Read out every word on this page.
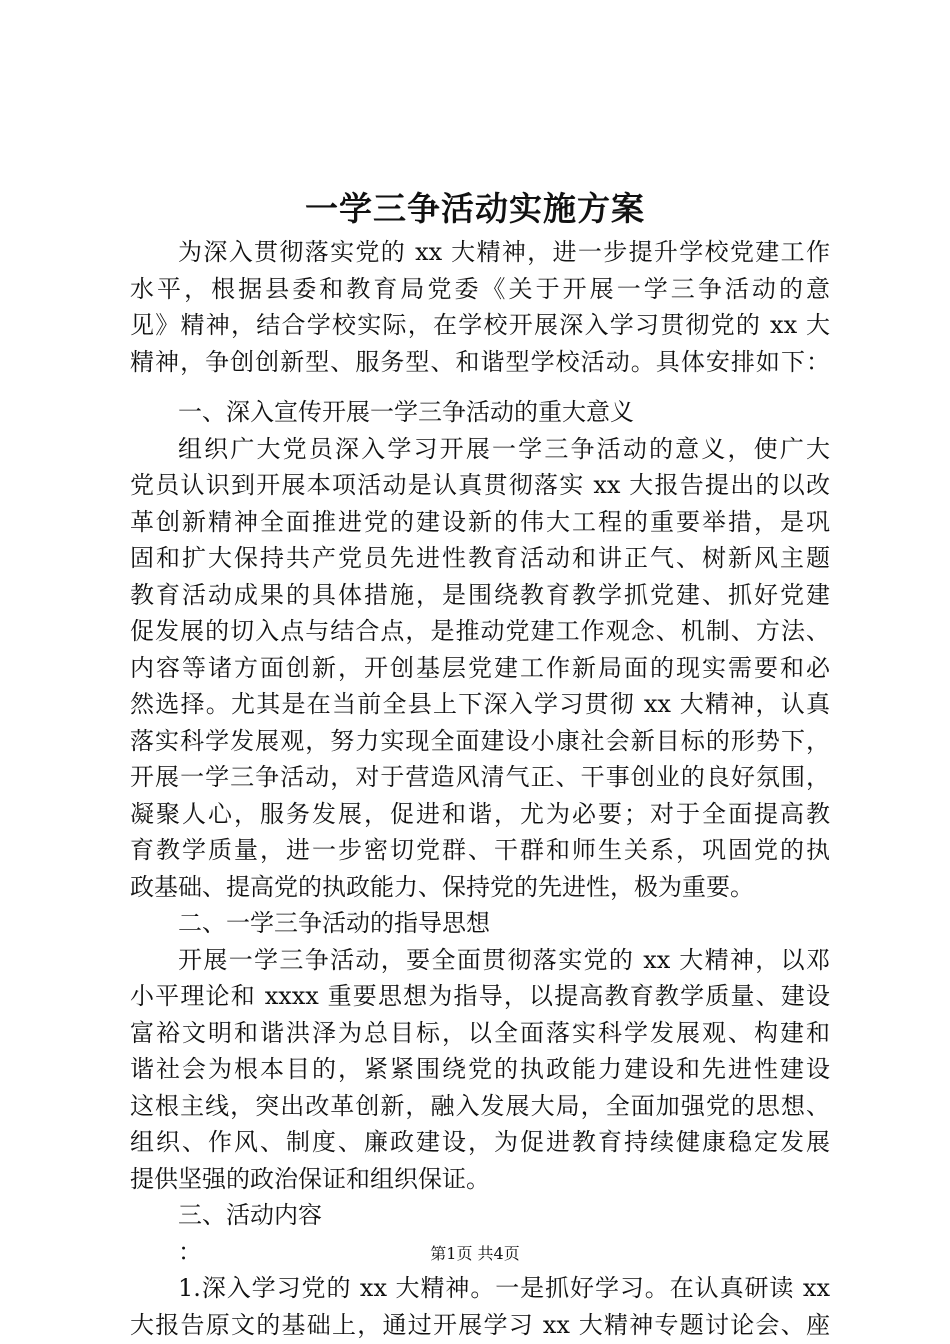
一学三争活动实施方案
为深入贯彻落实党的 xx 大精神，进一步提升学校党建工作
水平，根据县委和教育局党委《关于开展一学三争活动的意
见》精神，结合学校实际，在学校开展深入学习贯彻党的 xx 大
精神，争创创新型、服务型、和谐型学校活动。具体安排如下：
一、深入宣传开展一学三争活动的重大意义
组织广大党员深入学习开展一学三争活动的意义，使广大
党员认识到开展本项活动是认真贯彻落实 xx 大报告提出的以改
革创新精神全面推进党的建设新的伟大工程的重要举措，是巩
固和扩大保持共产党员先进性教育活动和讲正气、树新风主题
教育活动成果的具体措施，是围绕教育教学抓党建、抓好党建
促发展的切入点与结合点，是推动党建工作观念、机制、方法、
内容等诸方面创新，开创基层党建工作新局面的现实需要和必
然选择。尤其是在当前全县上下深入学习贯彻 xx 大精神，认真
落实科学发展观，努力实现全面建设小康社会新目标的形势下，
开展一学三争活动，对于营造风清气正、干事创业的良好氛围，
凝聚人心，服务发展，促进和谐，尤为必要；对于全面提高教
育教学质量，进一步密切党群、干群和师生关系，巩固党的执
政基础、提高党的执政能力、保持党的先进性，极为重要。
二、一学三争活动的指导思想
开展一学三争活动，要全面贯彻落实党的 xx 大精神，以邓
小平理论和 xxxx 重要思想为指导，以提高教育教学质量、建设
富裕文明和谐洪泽为总目标，以全面落实科学发展观、构建和
谐社会为根本目的，紧紧围绕党的执政能力建设和先进性建设
这根主线，突出改革创新，融入发展大局，全面加强党的思想、
组织、作风、制度、廉政建设，为促进教育持续健康稳定发展
提供坚强的政治保证和组织保证。
三、活动内容
：
1.深入学习党的 xx 大精神。一是抓好学习。在认真研读 xx
大报告原文的基础上，通过开展学习 xx 大精神专题讨论会、座
第1页 共4页
